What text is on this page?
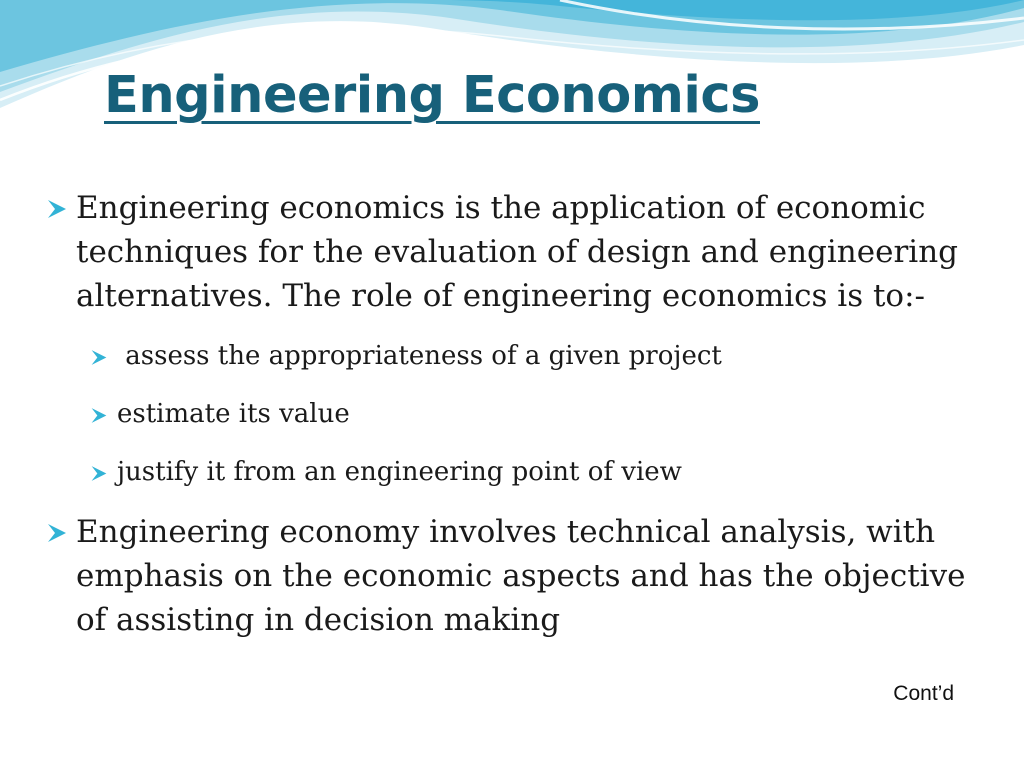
Engineering Economics
Engineering economics is the application of economic techniques for the evaluation of design and engineering alternatives. The role of engineering economics is to:-
assess the appropriateness of a given project
estimate its value
justify it from an engineering point of view
Engineering economy involves technical analysis, with emphasis on the economic aspects and has the objective of assisting in decision making
Cont’d
